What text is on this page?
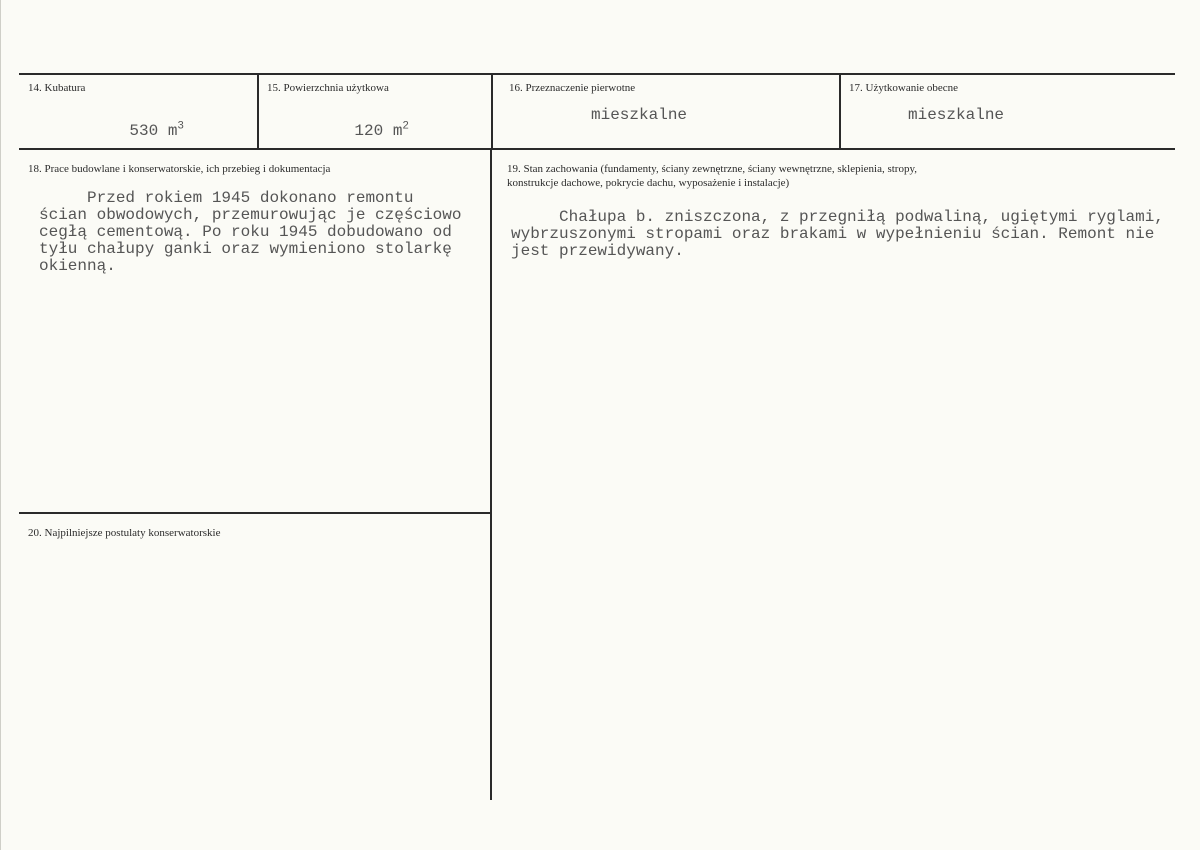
14. Kubatura

530 $m^3$

15. Powierzchnia użytkowa

120 $m^2$

16. Przeznaczenie pierwotne
mieszkalne
17. Użytkowanie obecne
mieszkalne
18. Prace budowlane i konserwatorskie, ich przebieg i dokumentacja
Przed rokiem 1945 dokonano remontu
ścian obwodowych, przemurowując je częściowo
cegłą cementową. Po roku 1945 dobudowano od
tyłu chałupy ganki oraz wymieniono stolarkę
okienną.
19. Stan zachowania (fundamenty, ściany zewnętrzne, ściany wewnętrzne, sklepienia, stropy,
konstrukcje dachowe, pokrycie dachu, wyposażenie i instalacje)
Chałupa b. zniszczona, z przegniłą podwaliną, ugiętymi ryglami,
wybrzuszonymi stropami oraz brakami w wypełnieniu ścian. Remont nie
jest przewidywany.
20. Najpilniejsze postulaty konserwatorskie
